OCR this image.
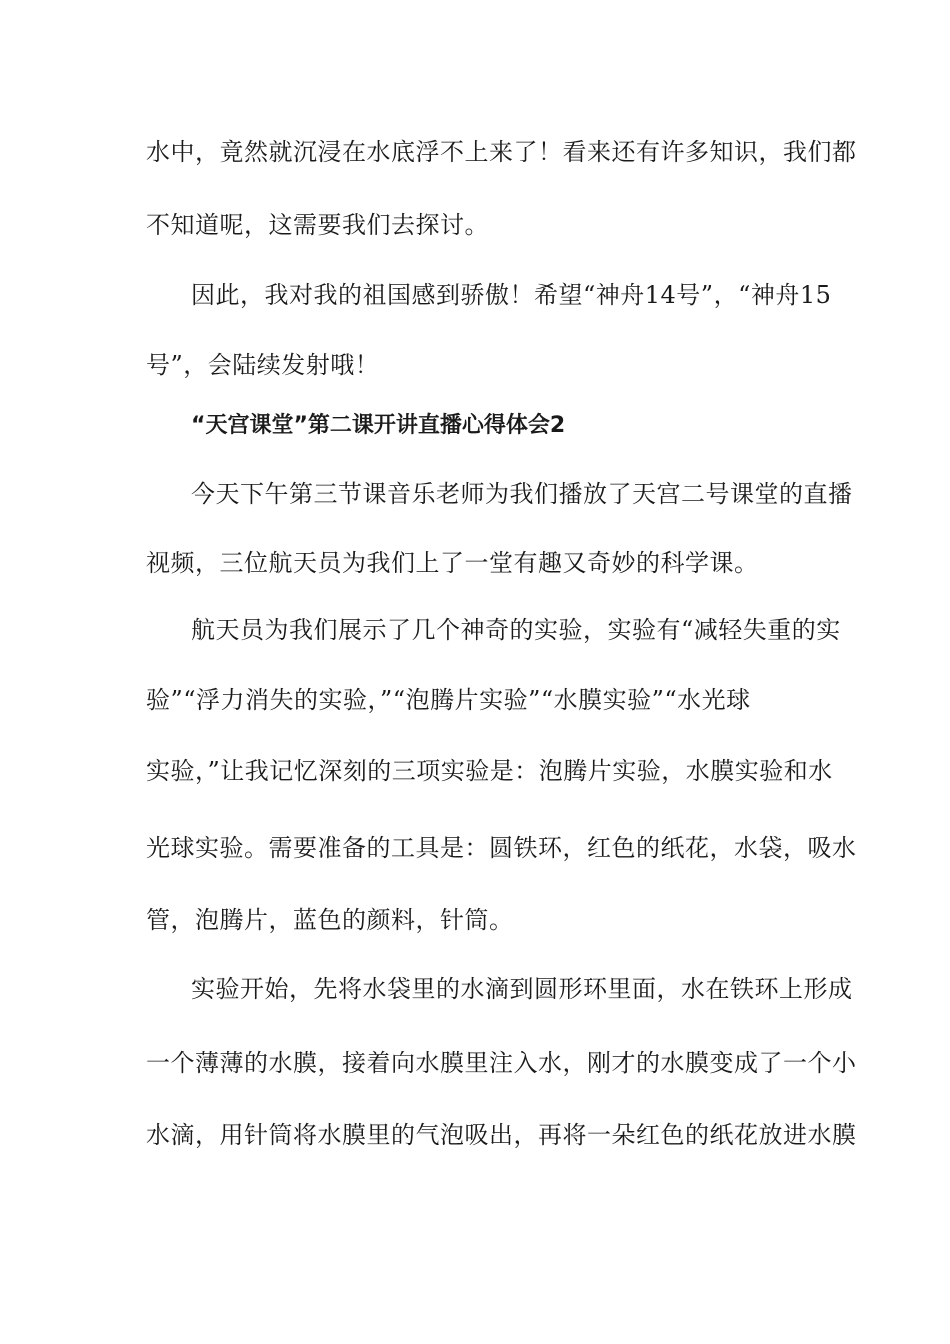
水中，竟然就沉浸在水底浮不上来了！看来还有许多知识，我们都
不知道呢，这需要我们去探讨。
因此，我对我的祖国感到骄傲！希望“神舟14号”，“神舟15
号”，会陆续发射哦！
“天宫课堂”第二课开讲直播心得体会2
今天下午第三节课音乐老师为我们播放了天宫二号课堂的直播
视频，三位航天员为我们上了一堂有趣又奇妙的科学课。
航天员为我们展示了几个神奇的实验，实验有“减轻失重的实
验”“浮力消失的实验，”“泡腾片实验”“水膜实验”“水光球
实验，”让我记忆深刻的三项实验是：泡腾片实验，水膜实验和水
光球实验。需要准备的工具是：圆铁环，红色的纸花，水袋，吸水
管，泡腾片，蓝色的颜料，针筒。
实验开始，先将水袋里的水滴到圆形环里面，水在铁环上形成
一个薄薄的水膜，接着向水膜里注入水，刚才的水膜变成了一个小
水滴，用针筒将水膜里的气泡吸出，再将一朵红色的纸花放进水膜
